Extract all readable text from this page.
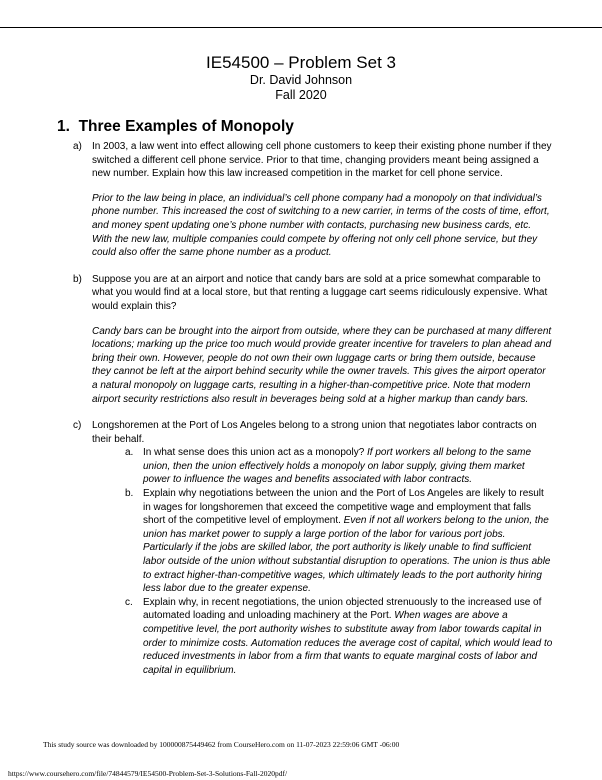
IE54500 – Problem Set 3
Dr. David Johnson
Fall 2020
1. Three Examples of Monopoly
a) In 2003, a law went into effect allowing cell phone customers to keep their existing phone number if they switched a different cell phone service. Prior to that time, changing providers meant being assigned a new number. Explain how this law increased competition in the market for cell phone service.

Prior to the law being in place, an individual’s cell phone company had a monopoly on that individual’s phone number. This increased the cost of switching to a new carrier, in terms of the costs of time, effort, and money spent updating one’s phone number with contacts, purchasing new business cards, etc. With the new law, multiple companies could compete by offering not only cell phone service, but they could also offer the same phone number as a product.

b) Suppose you are at an airport and notice that candy bars are sold at a price somewhat comparable to what you would find at a local store, but that renting a luggage cart seems ridiculously expensive. What would explain this?

Candy bars can be brought into the airport from outside, where they can be purchased at many different locations; marking up the price too much would provide greater incentive for travelers to plan ahead and bring their own. However, people do not own their own luggage carts or bring them outside, because they cannot be left at the airport behind security while the owner travels. This gives the airport operator a natural monopoly on luggage carts, resulting in a higher-than-competitive price. Note that modern airport security restrictions also result in beverages being sold at a higher markup than candy bars.

c) Longshoremen at the Port of Los Angeles belong to a strong union that negotiates labor contracts on their behalf.
a. In what sense does this union act as a monopoly? If port workers all belong to the same union, then the union effectively holds a monopoly on labor supply, giving them market power to influence the wages and benefits associated with labor contracts.
b. Explain why negotiations between the union and the Port of Los Angeles are likely to result in wages for longshoremen that exceed the competitive wage and employment that falls short of the competitive level of employment. Even if not all workers belong to the union, the union has market power to supply a large portion of the labor for various port jobs. Particularly if the jobs are skilled labor, the port authority is likely unable to find sufficient labor outside of the union without substantial disruption to operations. The union is thus able to extract higher-than-competitive wages, which ultimately leads to the port authority hiring less labor due to the greater expense.
c. Explain why, in recent negotiations, the union objected strenuously to the increased use of automated loading and unloading machinery at the Port. When wages are above a competitive level, the port authority wishes to substitute away from labor towards capital in order to minimize costs. Automation reduces the average cost of capital, which would lead to reduced investments in labor from a firm that wants to equate marginal costs of labor and capital in equilibrium.
This study source was downloaded by 100000875449462 from CourseHero.com on 11-07-2023 22:59:06 GMT -06:00
https://www.coursehero.com/file/74844579/IE54500-Problem-Set-3-Solutions-Fall-2020pdf/
